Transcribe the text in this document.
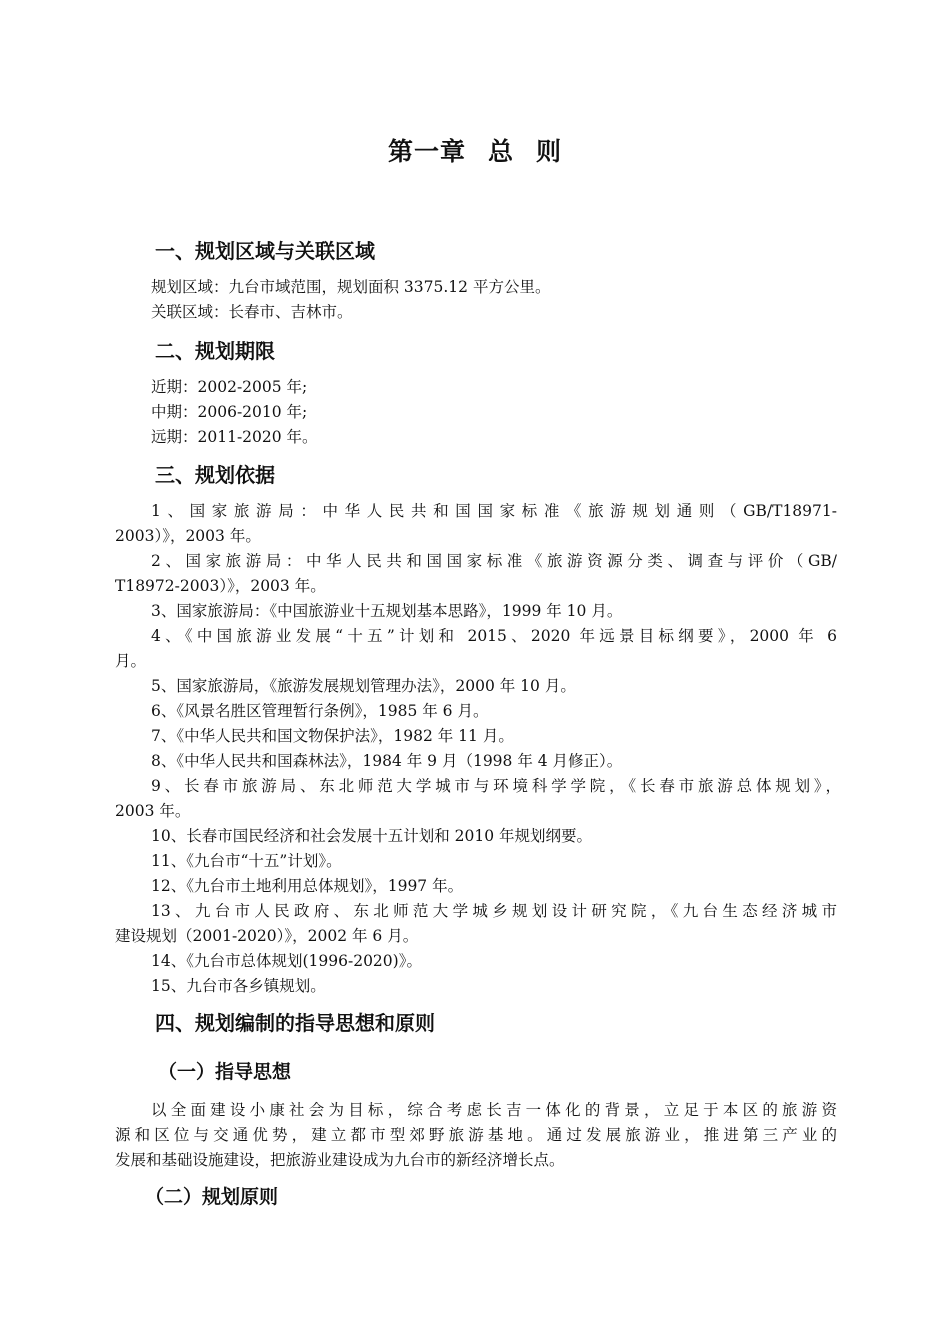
第一章 总 则
一、规划区域与关联区域
规划区域：九台市域范围，规划面积 3375.12 平方公里。
关联区域：长春市、吉林市。
二、规划期限
近期：2002-2005 年;
中期：2006-2010 年;
远期：2011-2020 年。
三、规划依据
1、国家旅游局：中华人民共和国国家标准《旅游规划通则（GB/T18971-
2003）》，2003 年。
2、国家旅游局：中华人民共和国国家标准《旅游资源分类、调查与评价（GB/
T18972-2003）》，2003 年。
3、国家旅游局：《中国旅游业十五规划基本思路》，1999 年 10 月。
4、《中国旅游业发展“十五”计划和 2015、2020 年远景目标纲要》，2000 年 6
月。
5、国家旅游局，《旅游发展规划管理办法》，2000 年 10 月。
6、《风景名胜区管理暂行条例》，1985 年 6 月。
7、《中华人民共和国文物保护法》，1982 年 11 月。
8、《中华人民共和国森林法》，1984 年 9 月（1998 年 4 月修正）。
9、长春市旅游局、东北师范大学城市与环境科学学院，《长春市旅游总体规划》，
2003 年。
10、长春市国民经济和社会发展十五计划和 2010 年规划纲要。
11、《九台市“十五”计划》。
12、《九台市土地利用总体规划》，1997 年。
13、九台市人民政府、东北师范大学城乡规划设计研究院，《九台生态经济城市
建设规划（2001-2020）》，2002 年 6 月。
14、《九台市总体规划(1996-2020)》。
15、九台市各乡镇规划。
四、规划编制的指导思想和原则
（一）指导思想
以全面建设小康社会为目标，综合考虑长吉一体化的背景，立足于本区的旅游资
源和区位与交通优势，建立都市型郊野旅游基地。通过发展旅游业，推进第三产业的
发展和基础设施建设，把旅游业建设成为九台市的新经济增长点。
（二）规划原则
